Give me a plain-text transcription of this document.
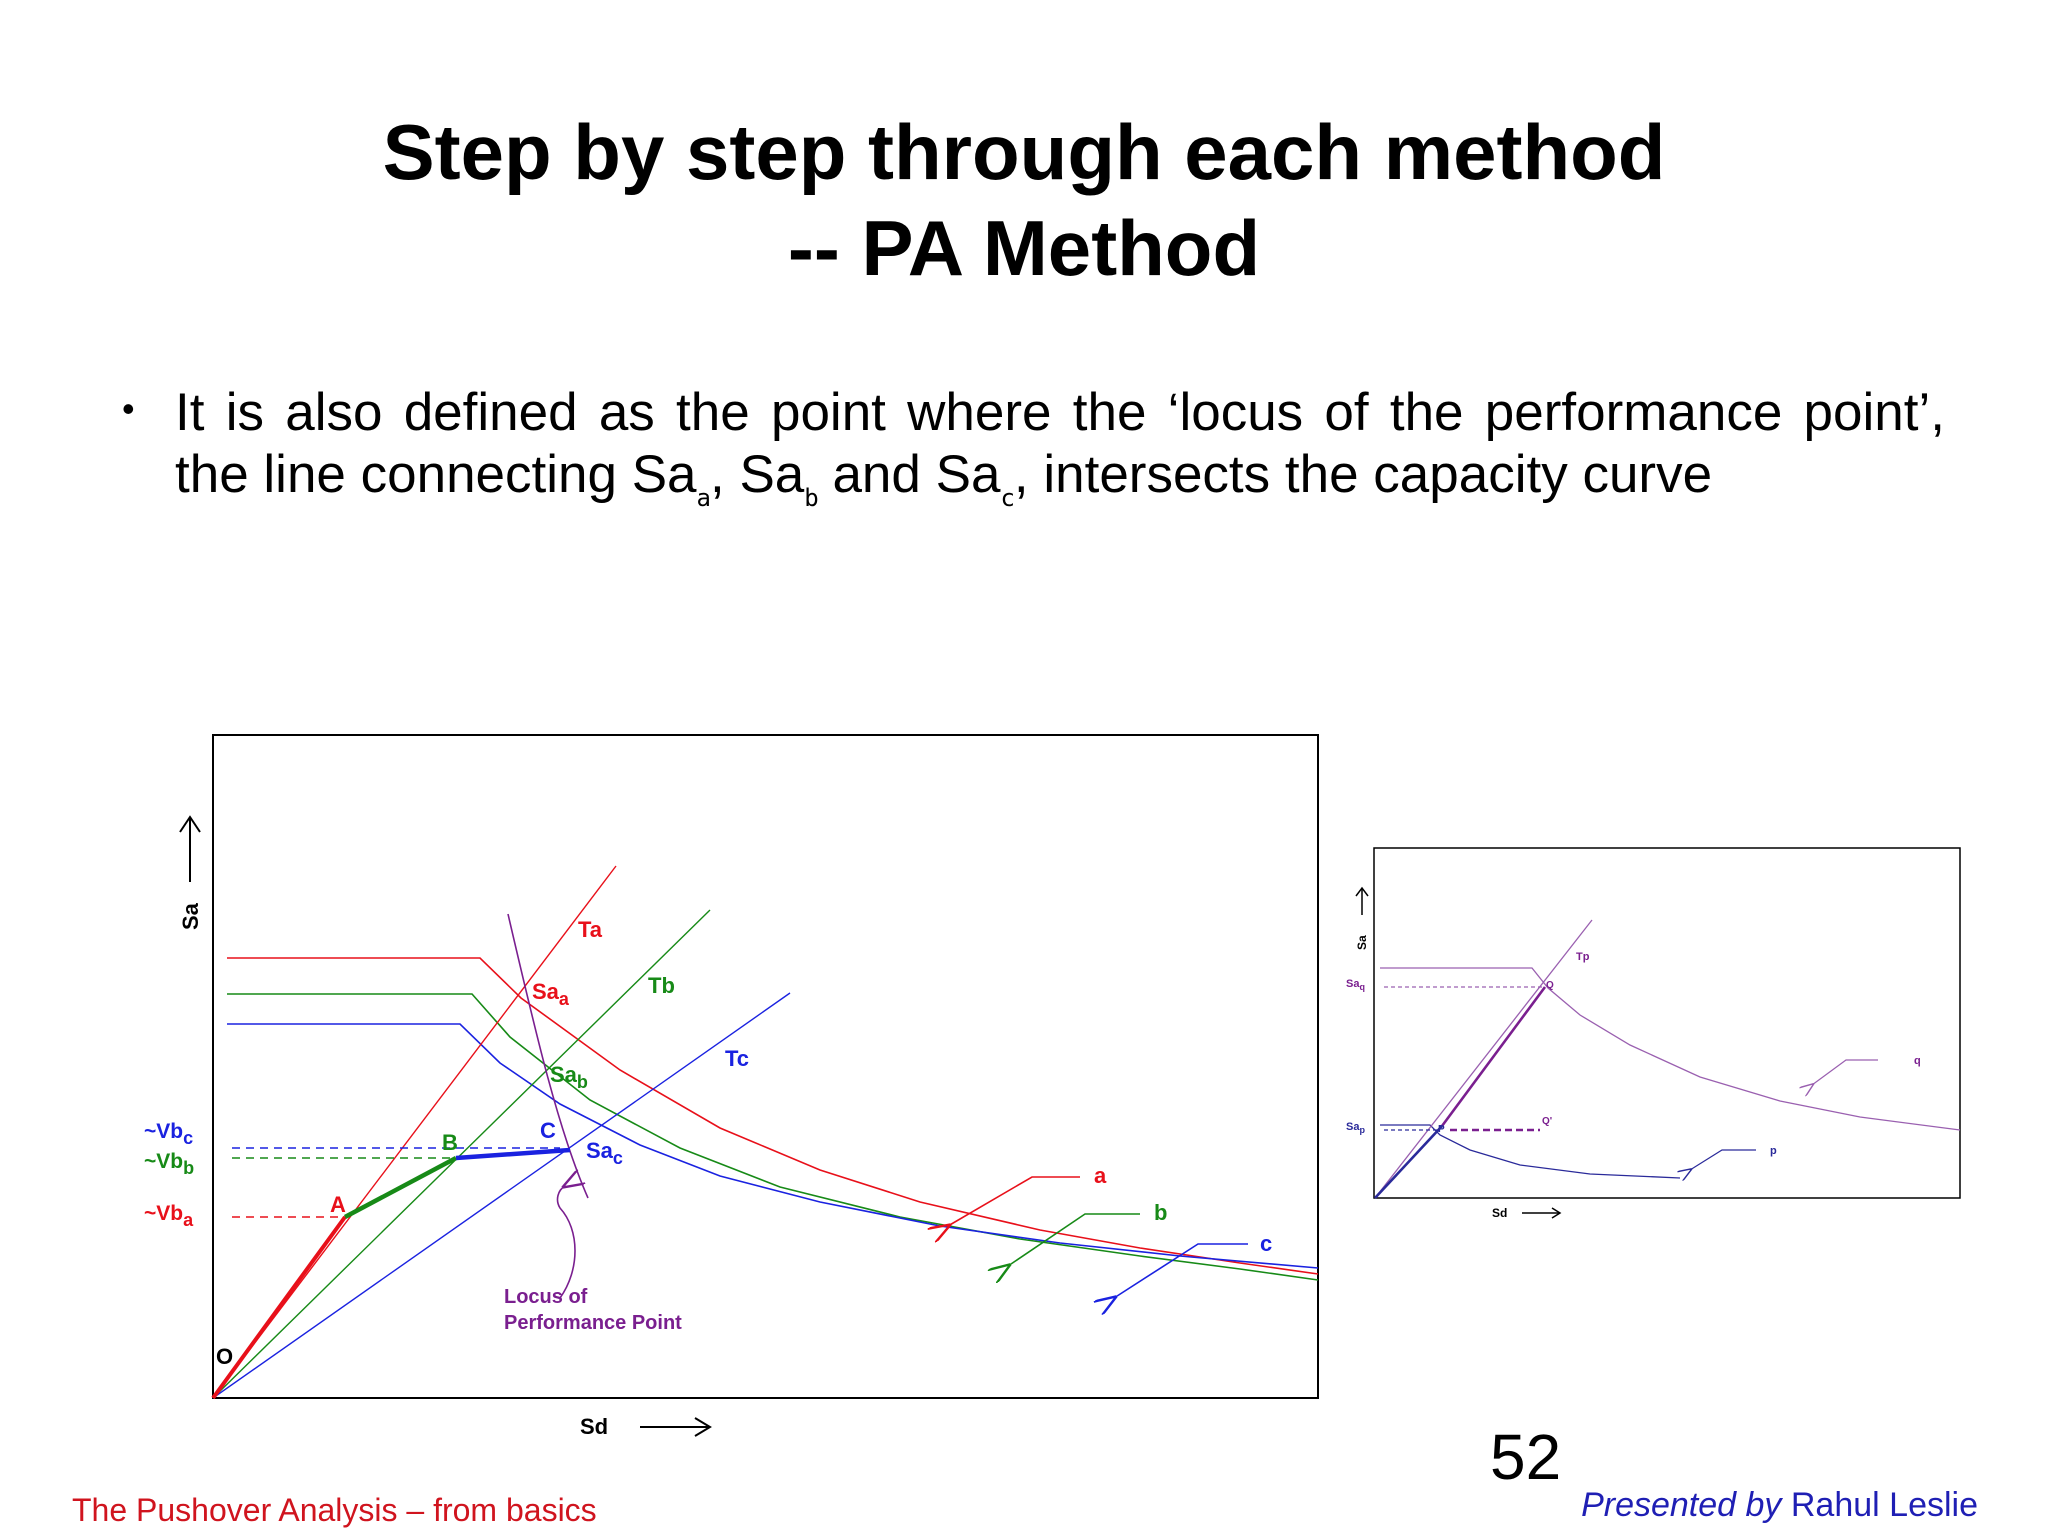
Step by step through each method
-- PA Method
• It is also defined as the point where the ‘locus of the performance point’, the line connecting $Sa_a$, $Sa_b$ and $Sa_c$, intersects the capacity curve
Sa
Sd
Ta
Tb
Tc
$Sa_a$
$Sa_b$
$Sa_c$
~Vbc
~Vbb
~Vba
O
A
B	C
a
b
c
Locus of
Performance Point
Sa
Sd
Tp
$Sa_q$
$Sa_p$
Q
P
Q'
q
p
52
The Pushover Analysis – from basics	Presented by Rahul Leslie
